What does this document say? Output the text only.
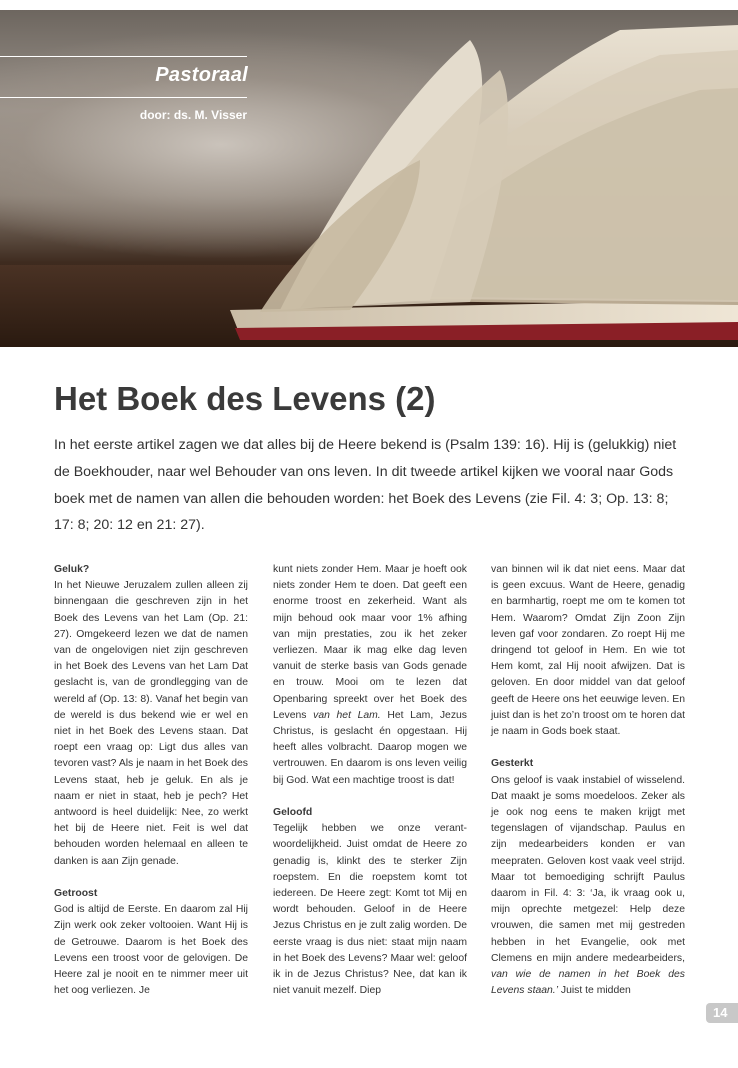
Pastoraal
door: ds. M. Visser
Het Boek des Levens (2)

In het eerste artikel zagen we dat alles bij de Heere bekend is (Psalm 139: 16). Hij is (gelukkig) niet de Boekhouder, naar wel Behouder van ons leven. In dit tweede artikel kijken we vooral naar Gods boek met de namen van allen die behouden worden: het Boek des Levens (zie Fil. 4: 3; Op. 13: 8; 17: 8; 20: 12 en 21: 27).

Geluk?

In het Nieuwe Jeruzalem zullen alleen zij binnengaan die geschreven zijn in het Boek des Levens van het Lam (Op. 21: 27). Omgekeerd lezen we dat de namen van de ongelovigen niet zijn geschreven in het Boek des Levens van het Lam Dat geslacht is, van de grondlegging van de wereld af (Op. 13: 8). Vanaf het begin van de wereld is dus bekend wie er wel en niet in het Boek des Levens staan. Dat roept een vraag op: Ligt dus alles van tevoren vast? Als je naam in het Boek des Levens staat, heb je geluk. En als je naam er niet in staat, heb je pech? Het antwoord is heel duidelijk: Nee, zo werkt het bij de Heere niet. Feit is wel dat behouden worden helemaal en alleen te danken is aan Zijn genade.

Getroost

God is altijd de Eerste. En daarom zal Hij Zijn werk ook zeker voltooien. Want Hij is de Getrouwe. Daarom is het Boek des Levens een troost voor de gelovigen. De Heere zal je nooit en te nimmer meer uit het oog verliezen. Je

kunt niets zonder Hem. Maar je hoeft ook niets zonder Hem te doen. Dat geeft een enorme troost en zekerheid. Want als mijn behoud ook maar voor 1% afhing van mijn prestaties, zou ik het zeker verliezen. Maar ik mag elke dag leven vanuit de sterke basis van Gods genade en trouw. Mooi om te lezen dat Openbaring spreekt over het Boek des Levens van het Lam. Het Lam, Jezus Christus, is geslacht én opgestaan. Hij heeft alles volbracht. Daarop mogen we vertrouwen. En daarom is ons leven veilig bij God. Wat een machtige troost is dat!

Geloofd

Tegelijk hebben we onze verant-woordelijkheid. Juist omdat de Heere zo genadig is, klinkt des te sterker Zijn roepstem. En die roepstem komt tot iedereen. De Heere zegt: Komt tot Mij en wordt behouden. Geloof in de Heere Jezus Christus en je zult zalig worden. De eerste vraag is dus niet: staat mijn naam in het Boek des Levens? Maar wel: geloof ik in de Jezus Christus? Nee, dat kan ik niet vanuit mezelf. Diep

van binnen wil ik dat niet eens. Maar dat is geen excuus. Want de Heere, genadig en barmhartig, roept me om te komen tot Hem. Waarom? Omdat Zijn Zoon Zijn leven gaf voor zondaren. Zo roept Hij me dringend tot geloof in Hem. En wie tot Hem komt, zal Hij nooit afwijzen. Dat is geloven. En door middel van dat geloof geeft de Heere ons het eeuwige leven. En juist dan is het zo’n troost om te horen dat je naam in Gods boek staat.

Gesterkt

Ons geloof is vaak instabiel of wisselend. Dat maakt je soms moedeloos. Zeker als je ook nog eens te maken krijgt met tegenslagen of vijandschap. Paulus en zijn medearbeiders konden er van meepraten. Geloven kost vaak veel strijd. Maar tot bemoediging schrijft Paulus daarom in Fil. 4: 3: ‘Ja, ik vraag ook u, mijn oprechte metgezel: Help deze vrouwen, die samen met mij gestreden hebben in het Evangelie, ook met Clemens en mijn andere medearbeiders, van wie de namen in het Boek des Levens staan.’ Juist te midden

14
